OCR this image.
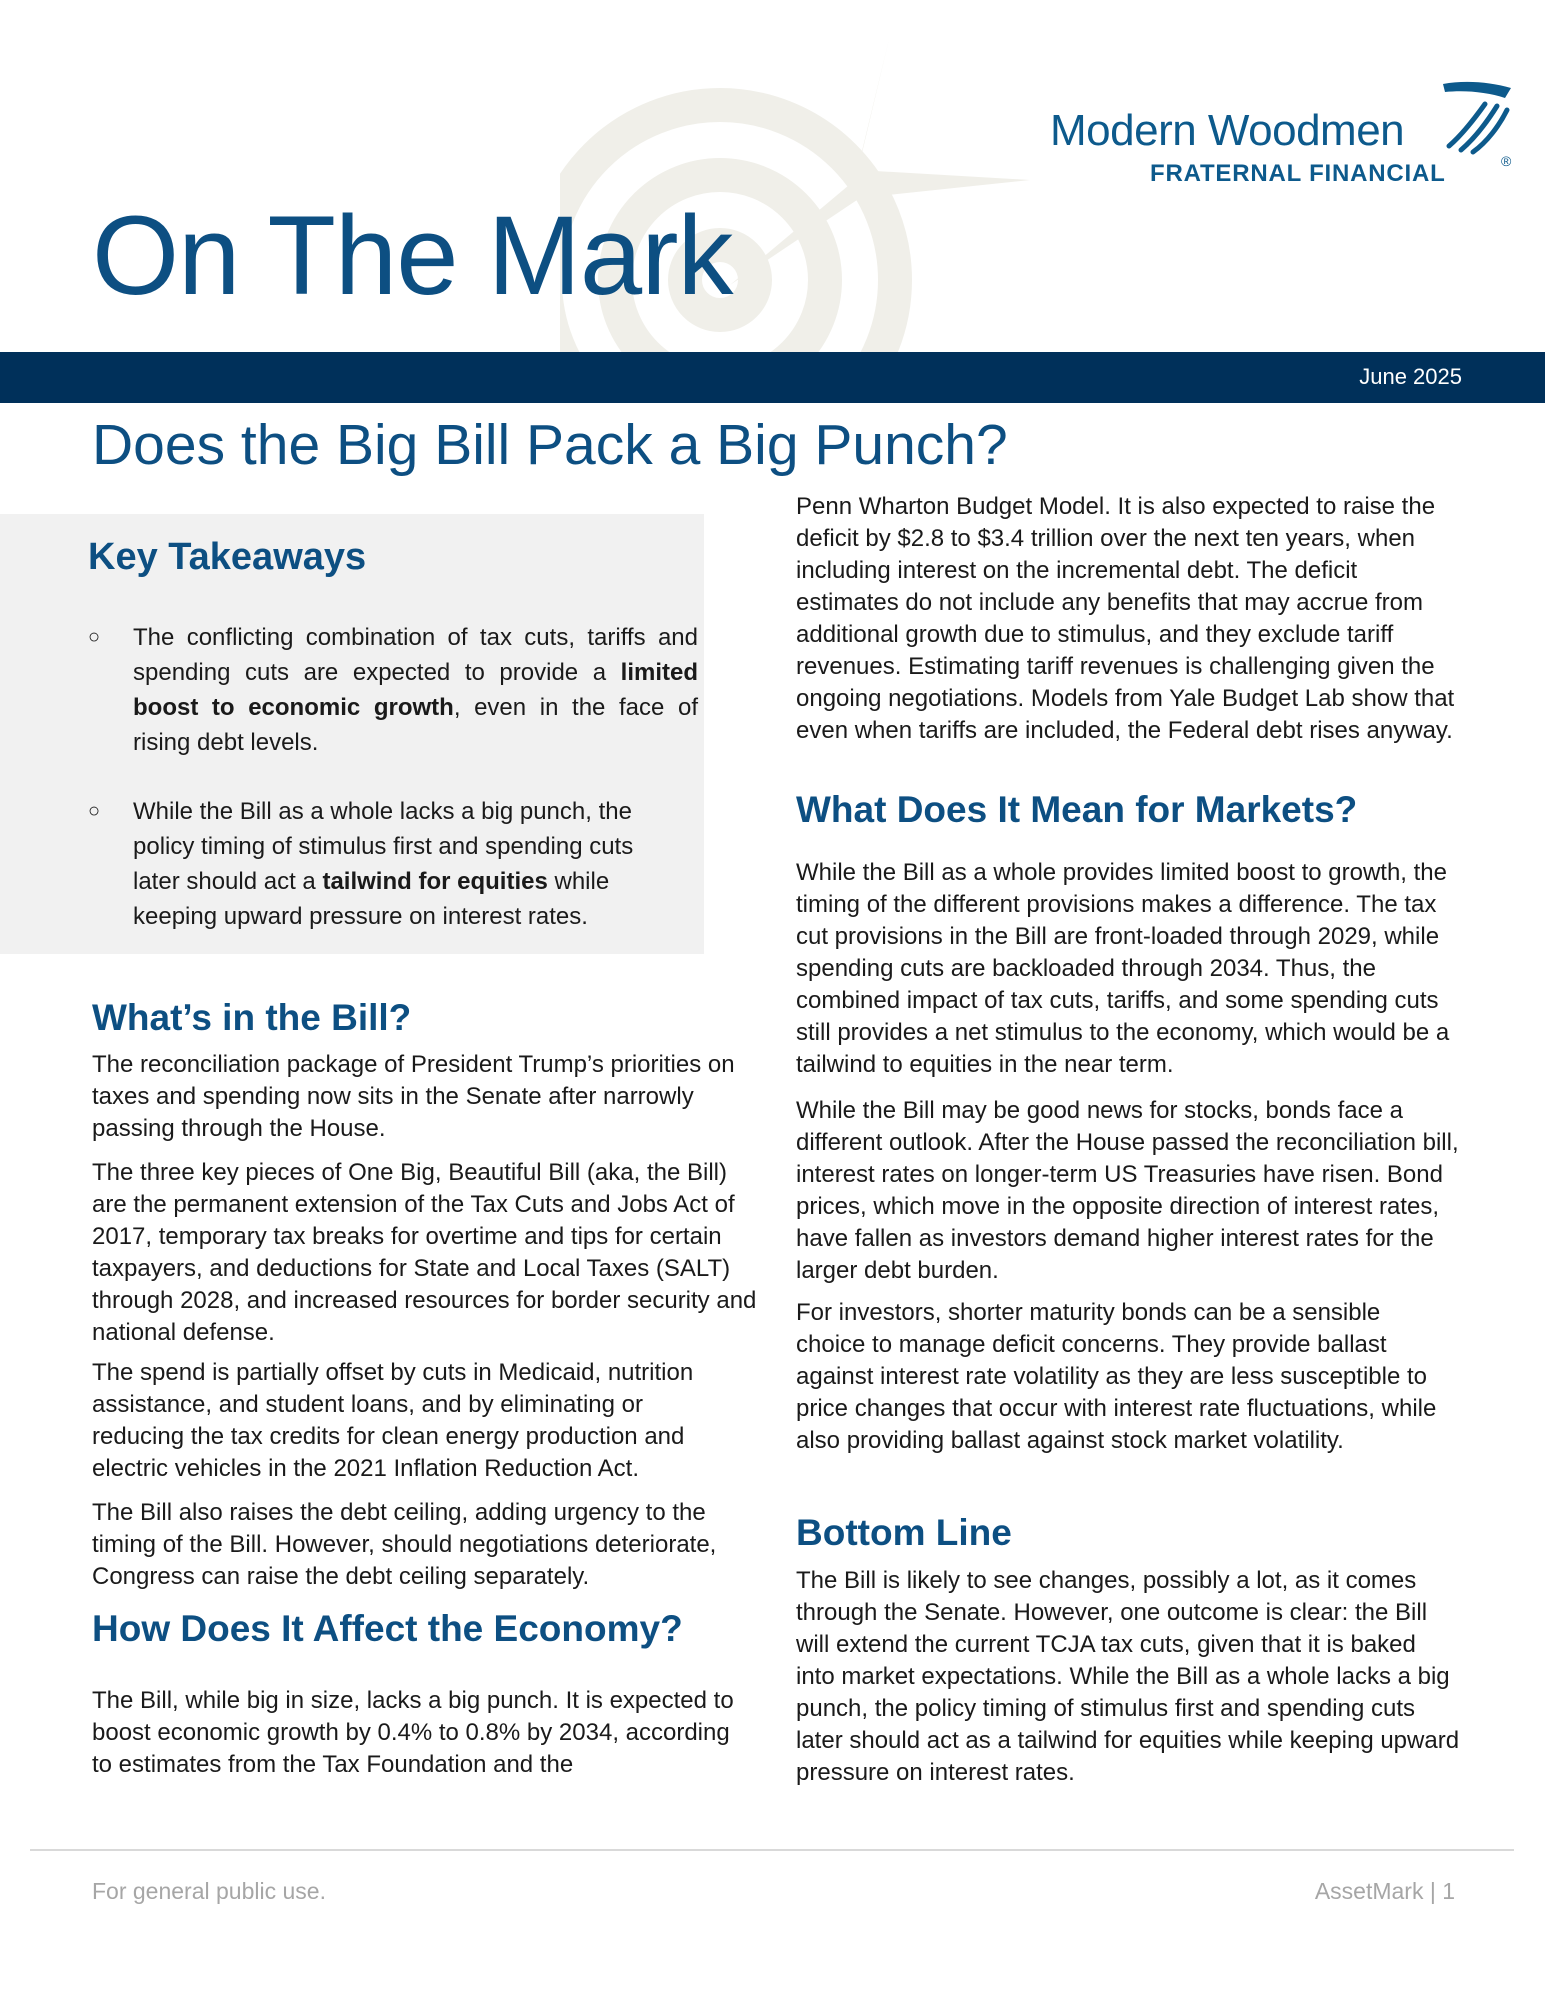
Modern Woodmen
FRATERNAL FINANCIAL	®
On The Mark
June 2025
Does the Big Bill Pack a Big Punch?
Key Takeaways
○ The conflicting combination of tax cuts, tariffs and spending cuts are expected to provide a limited boost to economic growth, even in the face of rising debt levels.
○ While the Bill as a whole lacks a big punch, the policy timing of stimulus first and spending cuts later should act a tailwind for equities while keeping upward pressure on interest rates.
What’s in the Bill?
The reconciliation package of President Trump’s priorities on taxes and spending now sits in the Senate after narrowly passing through the House.
The three key pieces of One Big, Beautiful Bill (aka, the Bill) are the permanent extension of the Tax Cuts and Jobs Act of 2017, temporary tax breaks for overtime and tips for certain taxpayers, and deductions for State and Local Taxes (SALT) through 2028, and increased resources for border security and national defense.
The spend is partially offset by cuts in Medicaid, nutrition assistance, and student loans, and by eliminating or reducing the tax credits for clean energy production and electric vehicles in the 2021 Inflation Reduction Act.
The Bill also raises the debt ceiling, adding urgency to the timing of the Bill. However, should negotiations deteriorate, Congress can raise the debt ceiling separately.
How Does It Affect the Economy?
The Bill, while big in size, lacks a big punch. It is expected to boost economic growth by 0.4% to 0.8% by 2034, according to estimates from the Tax Foundation and the
Penn Wharton Budget Model. It is also expected to raise the deficit by $2.8 to $3.4 trillion over the next ten years, when including interest on the incremental debt. The deficit estimates do not include any benefits that may accrue from additional growth due to stimulus, and they exclude tariff revenues. Estimating tariff revenues is challenging given the ongoing negotiations. Models from Yale Budget Lab show that even when tariffs are included, the Federal debt rises anyway.
What Does It Mean for Markets?
While the Bill as a whole provides limited boost to growth, the timing of the different provisions makes a difference. The tax cut provisions in the Bill are front-loaded through 2029, while spending cuts are backloaded through 2034. Thus, the combined impact of tax cuts, tariffs, and some spending cuts still provides a net stimulus to the economy, which would be a tailwind to equities in the near term.
While the Bill may be good news for stocks, bonds face a different outlook. After the House passed the reconciliation bill, interest rates on longer-term US Treasuries have risen. Bond prices, which move in the opposite direction of interest rates, have fallen as investors demand higher interest rates for the larger debt burden.
For investors, shorter maturity bonds can be a sensible choice to manage deficit concerns. They provide ballast against interest rate volatility as they are less susceptible to price changes that occur with interest rate fluctuations, while also providing ballast against stock market volatility.
Bottom Line
The Bill is likely to see changes, possibly a lot, as it comes through the Senate. However, one outcome is clear: the Bill will extend the current TCJA tax cuts, given that it is baked into market expectations. While the Bill as a whole lacks a big punch, the policy timing of stimulus first and spending cuts later should act as a tailwind for equities while keeping upward pressure on interest rates.
For general public use.	AssetMark | 1
